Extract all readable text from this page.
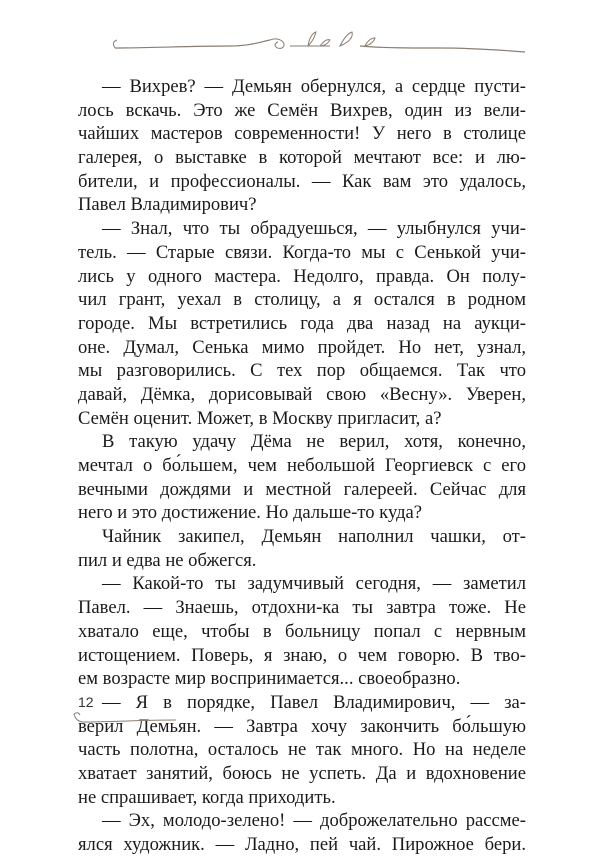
— Вихрев? — Демьян обернулся, а сердце пусти-
лось вскачь. Это же Семён Вихрев, один из вели-
чайших мастеров современности! У него в столице
галерея, о выставке в которой мечтают все: и лю-
бители, и профессионалы. — Как вам это удалось,
Павел Владимирович?
— Знал, что ты обрадуешься, — улыбнулся учи-
тель. — Старые связи. Когда-то мы с Сенькой учи-
лись у одного мастера. Недолго, правда. Он полу-
чил грант, уехал в столицу, а я остался в родном
городе. Мы встретились года два назад на аукци-
оне. Думал, Сенька мимо пройдет. Но нет, узнал,
мы разговорились. С тех пор общаемся. Так что
давай, Дёмка, дорисовывай свою «Весну». Уверен,
Семён оценит. Может, в Москву пригласит, а?
В такую удачу Дёма не верил, хотя, конечно,
мечтал о бо́льшем, чем небольшой Георгиевск с его
вечными дождями и местной галереей. Сейчас для
него и это достижение. Но дальше-то куда?
Чайник закипел, Демьян наполнил чашки, от-
пил и едва не обжегся.
— Какой-то ты задумчивый сегодня, — заметил
Павел. — Знаешь, отдохни-ка ты завтра тоже. Не
хватало еще, чтобы в больницу попал с нервным
истощением. Поверь, я знаю, о чем говорю. В тво-
ем возрасте мир воспринимается... своеобразно.
— Я в порядке, Павел Владимирович, — за-
верил Демьян. — Завтра хочу закончить бо́льшую
часть полотна, осталось не так много. Но на неделе
хватает занятий, боюсь не успеть. Да и вдохновение
не спрашивает, когда приходить.
— Эх, молодо-зелено! — доброжелательно рассме-
ялся художник. — Ладно, пей чай. Пирожное бери.
12
